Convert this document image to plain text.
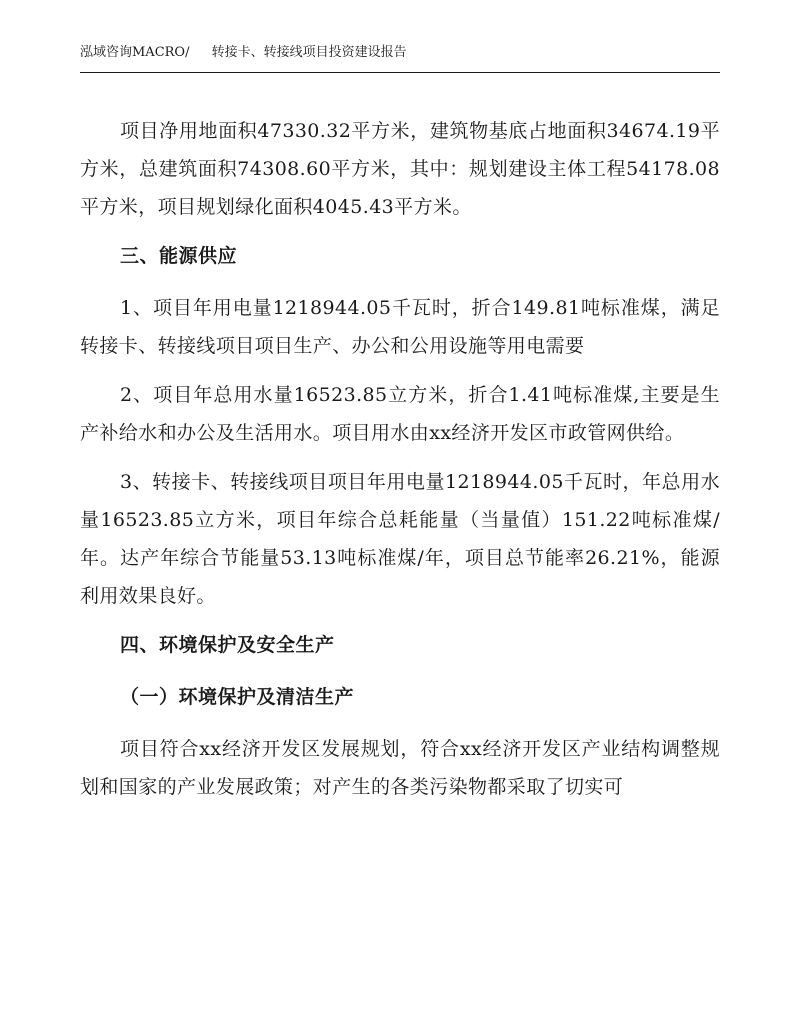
泓域咨询MACRO/ 转接卡、转接线项目投资建设报告

项目净用地面积47330.32平方米，建筑物基底占地面积34674.19平方米，总建筑面积74308.60平方米，其中：规划建设主体工程54178.08平方米，项目规划绿化面积4045.43平方米。

三、能源供应

1、项目年用电量1218944.05千瓦时，折合149.81吨标准煤，满足转接卡、转接线项目项目生产、办公和公用设施等用电需要

2、项目年总用水量16523.85立方米，折合1.41吨标准煤,主要是生产补给水和办公及生活用水。项目用水由xx经济开发区市政管网供给。

3、转接卡、转接线项目项目年用电量1218944.05千瓦时，年总用水量16523.85立方米，项目年综合总耗能量（当量值）151.22吨标准煤/年。达产年综合节能量53.13吨标准煤/年，项目总节能率26.21%，能源利用效果良好。

四、环境保护及安全生产

（一）环境保护及清洁生产

项目符合xx经济开发区发展规划，符合xx经济开发区产业结构调整规划和国家的产业发展政策；对产生的各类污染物都采取了切实可
